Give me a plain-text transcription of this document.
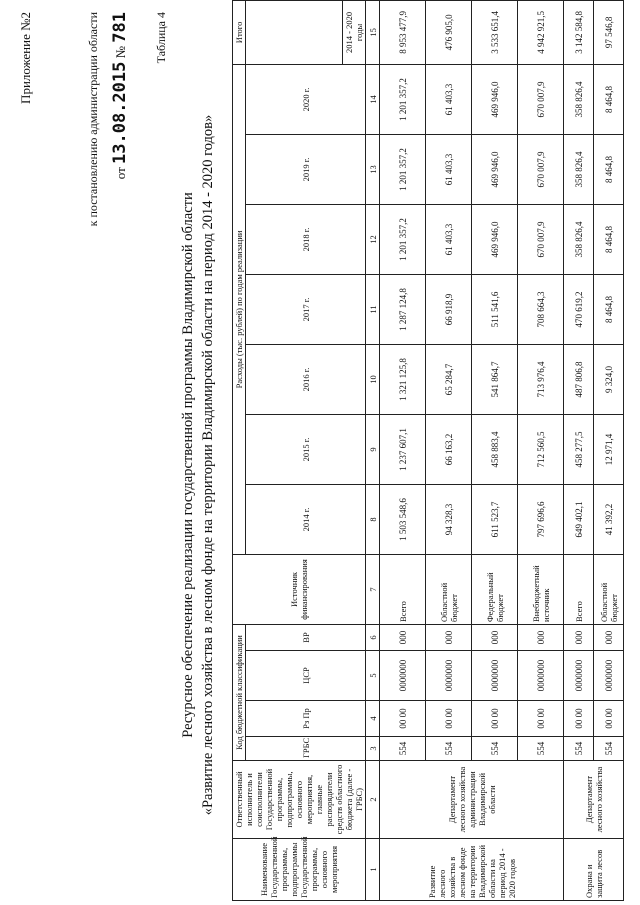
Приложение №2	к постановлению администрации области от 13.08.2015 № 781 Таблица 4
Ресурсное обеспечение реализации государственной программы Владимирской области «Развитие лесного хозяйства в лесном фонде на территории Владимирской области на период 2014 - 2020 годов»
Наименование Государственной программы, подпрограммы Государственной программы, основного мероприятия	Ответственный исполнитель и соисполнители Государственной программы, подпрограммы, основного мероприятия, главные распорядители средств областного бюджета (далее - ГРБС)	Код бюджетной классификации				Источник финансирования	Расходы (тыс. рублей) по годам реализации							Итого
		ГРБС	Рз Пр	ЦСР	ВР		2014 г.	2015 г.	2016 г.	2017 г.	2018 г.	2019 г.	2020 г.	
														2014 - 2020 годы
1	2	3	4	5	6	7	8	9	10	11	12	13	14	15
Развитие лесного хозяйства в лесном фонде на территории Владимирской области на период 2014 - 2020 годов	Департамент лесного хозяйства администрации Владимирской области	554	00 00	0000000	000	Всего	1 503 548,6	1 237 607,1	1 321 125,8	1 287 124,8	1 201 357,2	1 201 357,2	1 201 357,2	8 953 477,9
		554	00 00	0000000	000	Областной бюджет	94 328,3	66 163,2	65 284,7	66 918,9	61 403,3	61 403,3	61 403,3	476 905,0
		554	00 00	0000000	000	Федеральный бюджет	611 523,7	458 883,4	541 864,7	511 541,6	469 946,0	469 946,0	469 946,0	3 533 651,4
		554	00 00	0000000	000	Внебюджетный источник	797 696,6	712 560,5	713 976,4	708 664,3	670 007,9	670 007,9	670 007,9	4 942 921,5
Охрана и защита лесов	Департамент лесного хозяйства	554	00 00	0000000	000	Всего	649 402,1	458 277,5	487 806,8	470 619,2	358 826,4	358 826,4	358 826,4	3 142 584,8
		554	00 00	0000000	000	Областной бюджет	41 392,2	12 971,4	9 324,0	8 464,8	8 464,8	8 464,8	8 464,8	97 546,8
